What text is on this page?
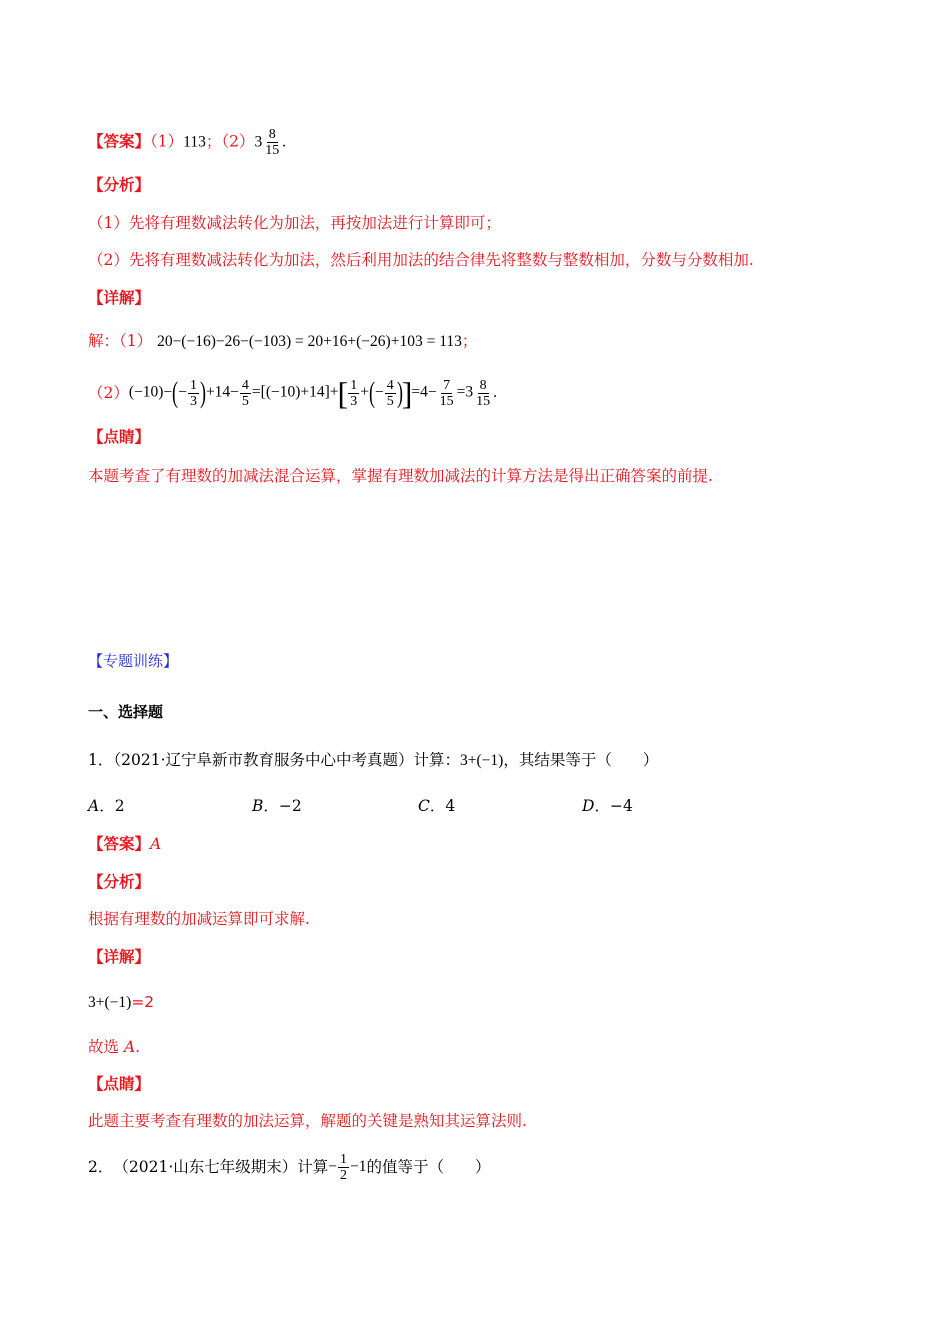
【答案】（1）113；$(2)3 \frac{8}{15}$ .
【分析】
（1）先将有理数减法转化为加法，再按加法进行计算即可；
（2）先将有理数减法转化为加法，然后利用加法的结合律先将整数与整数相加，分数与分数相加.
【详解】
解：（1） 20−(−16)−26−(−103) = 20+16+(−26)+103 = 113；
（2） $(-10)-(- \frac{1}{3} )+14- \frac{4}{5} =[(-10)+14]+[ \frac{1}{3}$ +(− $\frac{4}{5} )]=4- \frac{7}{15} =3 \frac{8}{15}$ .
【点睛】
本题考查了有理数的加减法混合运算，掌握有理数加减法的计算方法是得出正确答案的前提.
【专题训练】
一、选择题
1．（2021·辽宁阜新市教育服务中心中考真题）计算：3+(−1)，其结果等于（　　）
A．2	B．−2	C．4	D．−4
【答案】A
【分析】
根据有理数的加减运算即可求解.
【详解】
3+(−1)=2
故选 A.
【点睛】
此题主要考查有理数的加法运算，解题的关键是熟知其运算法则.
2． （2021·山东七年级期末）计算 − $\frac{1}{2} -1$ 的值等于（　　）
